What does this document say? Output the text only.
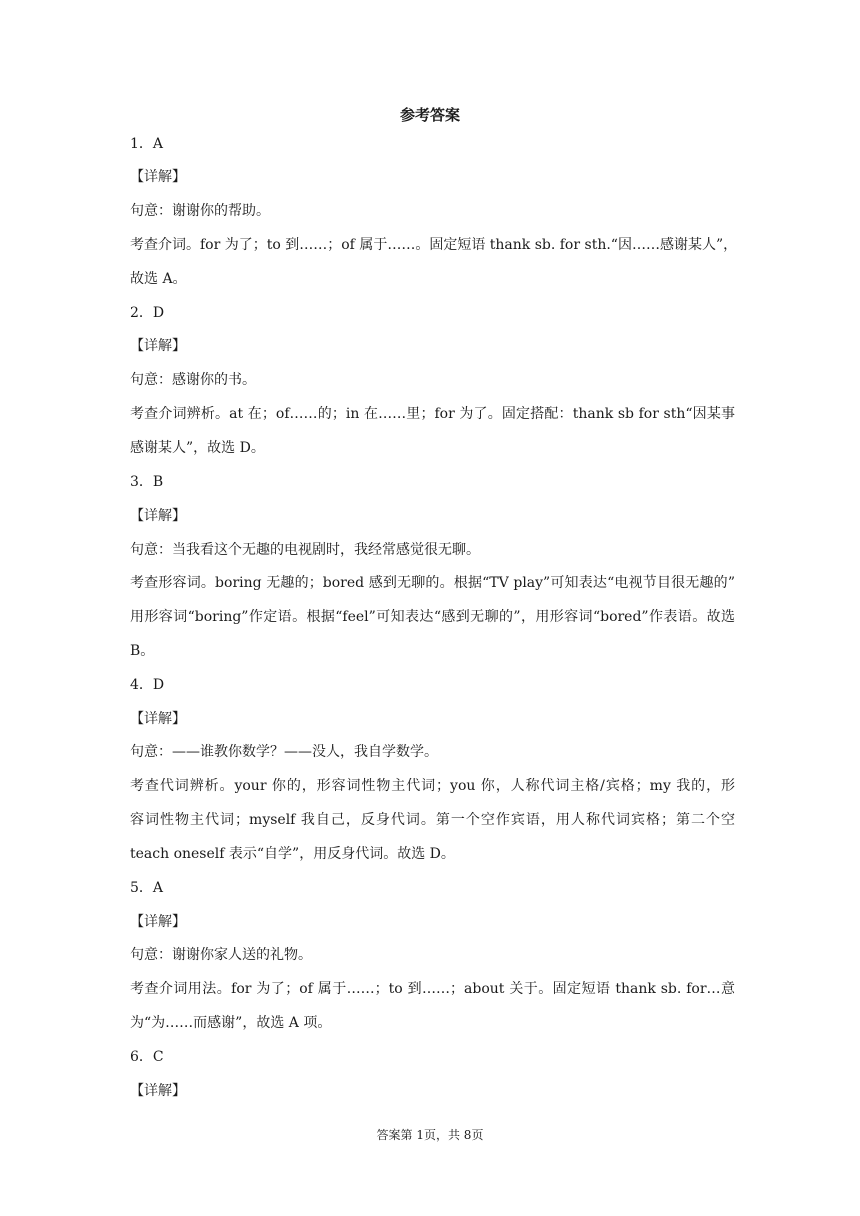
参考答案
1．A
【详解】
句意：谢谢你的帮助。
考查介词。for 为了；to 到……；of 属于……。固定短语 thank sb. for sth.“因……感谢某人”，
故选 A。
2．D
【详解】
句意：感谢你的书。
考查介词辨析。at 在；of……的；in 在……里；for 为了。固定搭配：thank sb for sth“因某事
感谢某人”，故选 D。
3．B
【详解】
句意：当我看这个无趣的电视剧时，我经常感觉很无聊。
考查形容词。boring 无趣的；bored 感到无聊的。根据“TV play”可知表达“电视节目很无趣的”
用形容词“boring”作定语。根据“feel”可知表达“感到无聊的”，用形容词“bored”作表语。故选
B。
4．D
【详解】
句意：——谁教你数学？——没人，我自学数学。
考查代词辨析。your 你的，形容词性物主代词；you 你，人称代词主格/宾格；my 我的，形
容词性物主代词；myself 我自己，反身代词。第一个空作宾语，用人称代词宾格；第二个空
teach oneself 表示“自学”，用反身代词。故选 D。
5．A
【详解】
句意：谢谢你家人送的礼物。
考查介词用法。for 为了；of 属于……；to 到……；about 关于。固定短语 thank sb. for…意
为“为……而感谢”，故选 A 项。
6．C
【详解】
答案第 1页，共 8页
